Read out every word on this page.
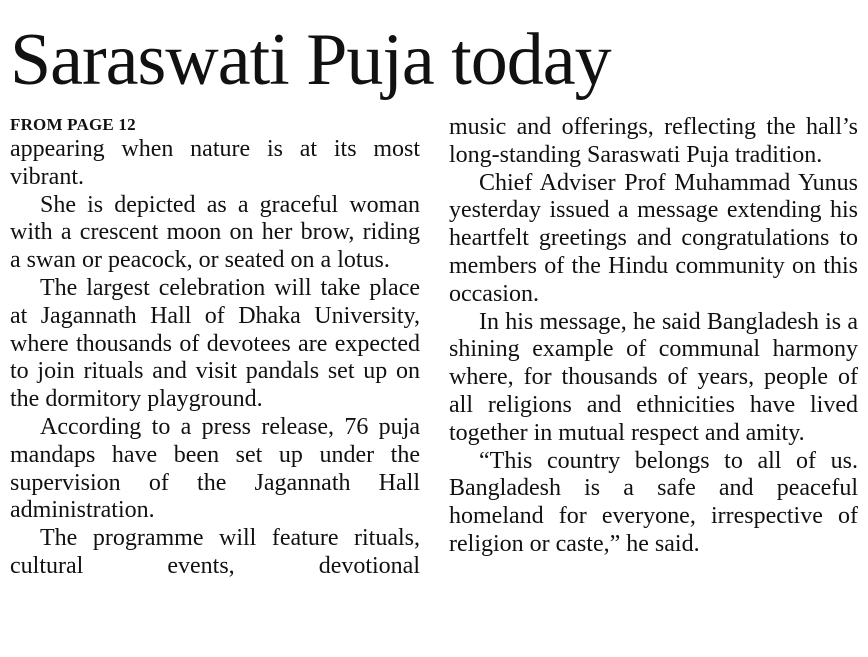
Saraswati Puja today
FROM PAGE 12

appearing when nature is at its most vibrant.

She is depicted as a graceful woman with a crescent moon on her brow, riding a swan or peacock, or seated on a lotus.

The largest celebration will take place at Jagannath Hall of Dhaka University, where thousands of devotees are expected to join rituals and visit pandals set up on the dormitory playground.

According to a press release, 76 puja mandaps have been set up under the supervision of the Jagannath Hall administration.

The programme will feature rituals, cultural events, devotional

music and offerings, reflecting the hall’s long-standing Saraswati Puja tradition.

Chief Adviser Prof Muhammad Yunus yesterday issued a message extending his heartfelt greetings and congratulations to members of the Hindu community on this occasion.

In his message, he said Bangladesh is a shining example of communal harmony where, for thousands of years, people of all religions and ethnicities have lived together in mutual respect and amity.

“This country belongs to all of us. Bangladesh is a safe and peaceful homeland for everyone, irrespective of religion or caste,” he said.
